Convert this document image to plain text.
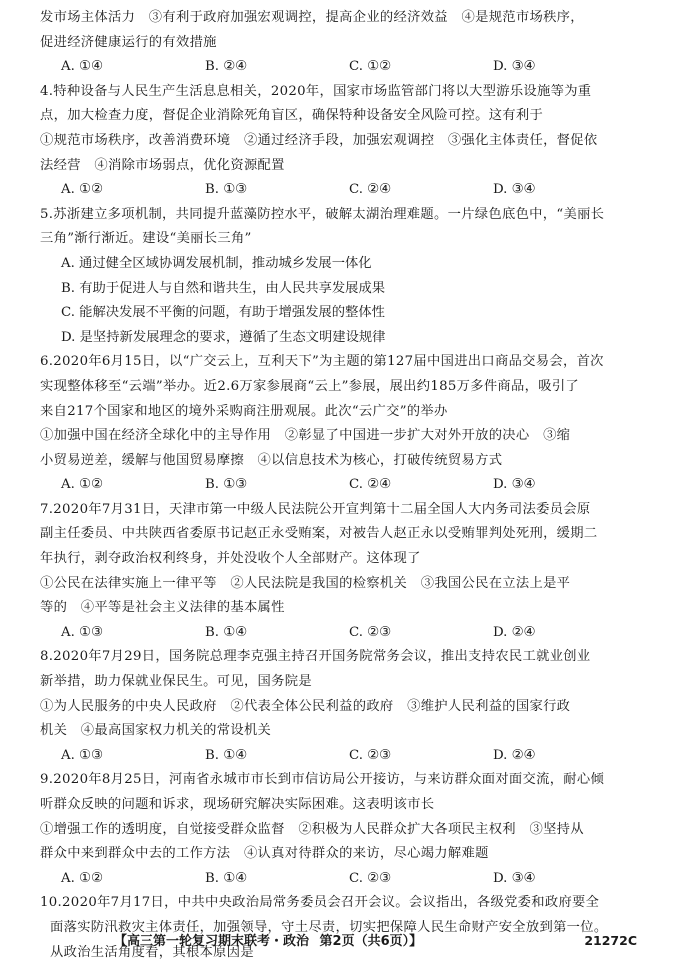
发市场主体活力　③有利于政府加强宏观调控，提高企业的经济效益　④是规范市场秩序，
促进经济健康运行的有效措施
A. ①④	B. ②④	C. ①②	D. ③④
4.特种设备与人民生产生活息息相关，2020年，国家市场监管部门将以大型游乐设施等为重
点，加大检查力度，督促企业消除死角盲区，确保特种设备安全风险可控。这有利于
①规范市场秩序，改善消费环境　②通过经济手段，加强宏观调控　③强化主体责任，督促依
法经营　④消除市场弱点，优化资源配置
A. ①②	B. ①③	C. ②④	D. ③④
5.苏浙建立多项机制，共同提升蓝藻防控水平，破解太湖治理难题。一片绿色底色中，“美丽长
三角”渐行渐近。建设“美丽长三角”
A. 通过健全区域协调发展机制，推动城乡发展一体化
B. 有助于促进人与自然和谐共生，由人民共享发展成果
C. 能解决发展不平衡的问题，有助于增强发展的整体性
D. 是坚持新发展理念的要求，遵循了生态文明建设规律
6.2020年6月15日，以“广交云上，互利天下”为主题的第127届中国进出口商品交易会，首次
实现整体移至“云端”举办。近2.6万家参展商“云上”参展，展出约185万多件商品，吸引了
来自217个国家和地区的境外采购商注册观展。此次“云广交”的举办
①加强中国在经济全球化中的主导作用　②彰显了中国进一步扩大对外开放的决心　③缩
小贸易逆差，缓解与他国贸易摩擦　④以信息技术为核心，打破传统贸易方式
A. ①②	B. ①③	C. ②④	D. ③④
7.2020年7月31日，天津市第一中级人民法院公开宣判第十二届全国人大内务司法委员会原
副主任委员、中共陕西省委原书记赵正永受贿案，对被告人赵正永以受贿罪判处死刑，缓期二
年执行，剥夺政治权利终身，并处没收个人全部财产。这体现了
①公民在法律实施上一律平等　②人民法院是我国的检察机关　③我国公民在立法上是平
等的　④平等是社会主义法律的基本属性
A. ①③	B. ①④	C. ②③	D. ②④
8.2020年7月29日，国务院总理李克强主持召开国务院常务会议，推出支持农民工就业创业
新举措，助力保就业保民生。可见，国务院是
①为人民服务的中央人民政府　②代表全体公民利益的政府　③维护人民利益的国家行政
机关　④最高国家权力机关的常设机关
A. ①③	B. ①④	C. ②③	D. ②④
9.2020年8月25日，河南省永城市市长到市信访局公开接访，与来访群众面对面交流，耐心倾
听群众反映的问题和诉求，现场研究解决实际困难。这表明该市长
①增强工作的透明度，自觉接受群众监督　②积极为人民群众扩大各项民主权利　③坚持从
群众中来到群众中去的工作方法　④认真对待群众的来访，尽心竭力解难题
A. ①②	B. ①④	C. ②③	D. ③④
10.2020年7月17日，中共中央政治局常务委员会召开会议。会议指出，各级党委和政府要全
面落实防汛救灾主体责任，加强领导，守土尽责，切实把保障人民生命财产安全放到第一位。
从政治生活角度看，其根本原因是
【高三第一轮复习期末联考・政治 第2页（共6页）】	21272C
